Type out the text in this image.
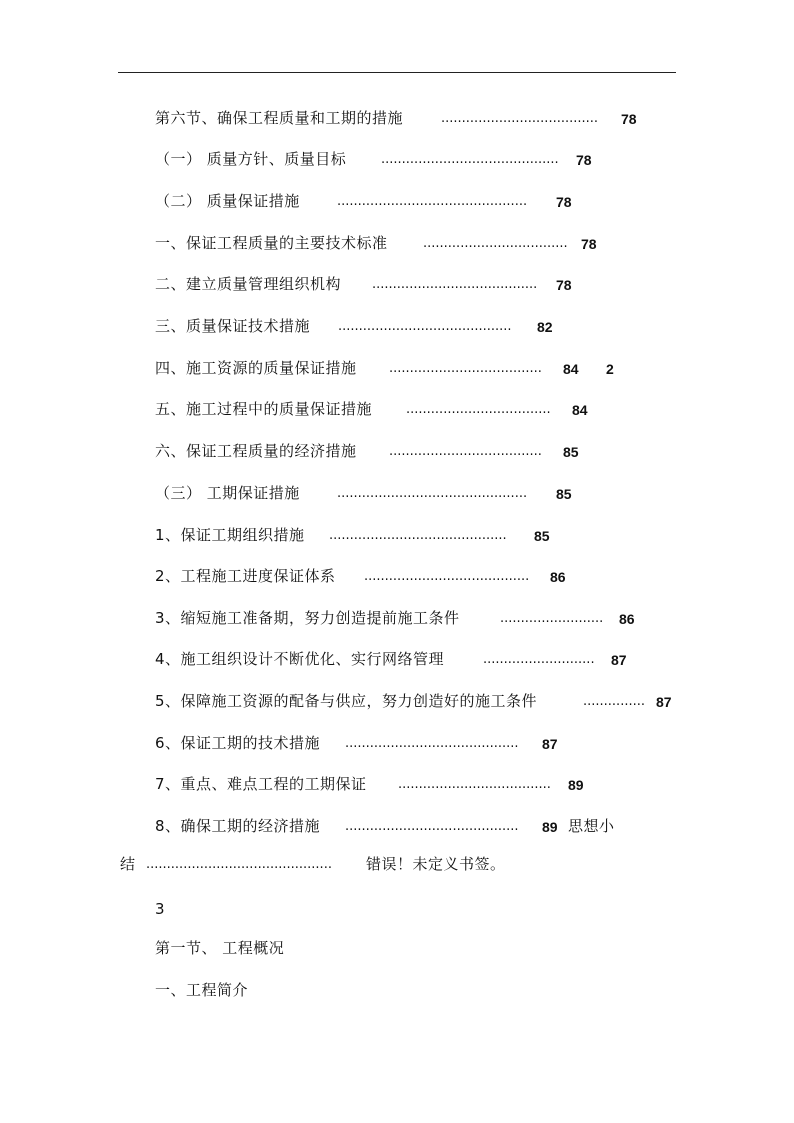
第六节、确保工程质量和工期的措施	...................................... 78
（一） 质量方针、质量目标	........................................... 78
（二） 质量保证措施	.............................................. 78
一、保证工程质量的主要技术标准	................................... 78
二、建立质量管理组织机构 ........................................ 78
三、质量保证技术措施 .......................................... 82
四、施工资源的质量保证措施 ..................................... 84 2
五、施工过程中的质量保证措施	................................... 84
六、保证工程质量的经济措施 ..................................... 85
（三） 工期保证措施	.............................................. 85
1、保证工期组织措施 ........................................... 85
2、工程施工进度保证体系 ........................................ 86
3、缩短施工准备期，努力创造提前施工条件	......................... 86
4、施工组织设计不断优化、实行网络管理	........................... 87
5、保障施工资源的配备与供应，努力创造好的施工条件	............... 87
6、保证工期的技术措施 .......................................... 87
7、重点、难点工程的工期保证 ..................................... 89
8、确保工期的经济措施 .......................................... 89 思想小
结 ............................................. 错误！未定义书签。
3
第一节、 工程概况
一、工程简介
